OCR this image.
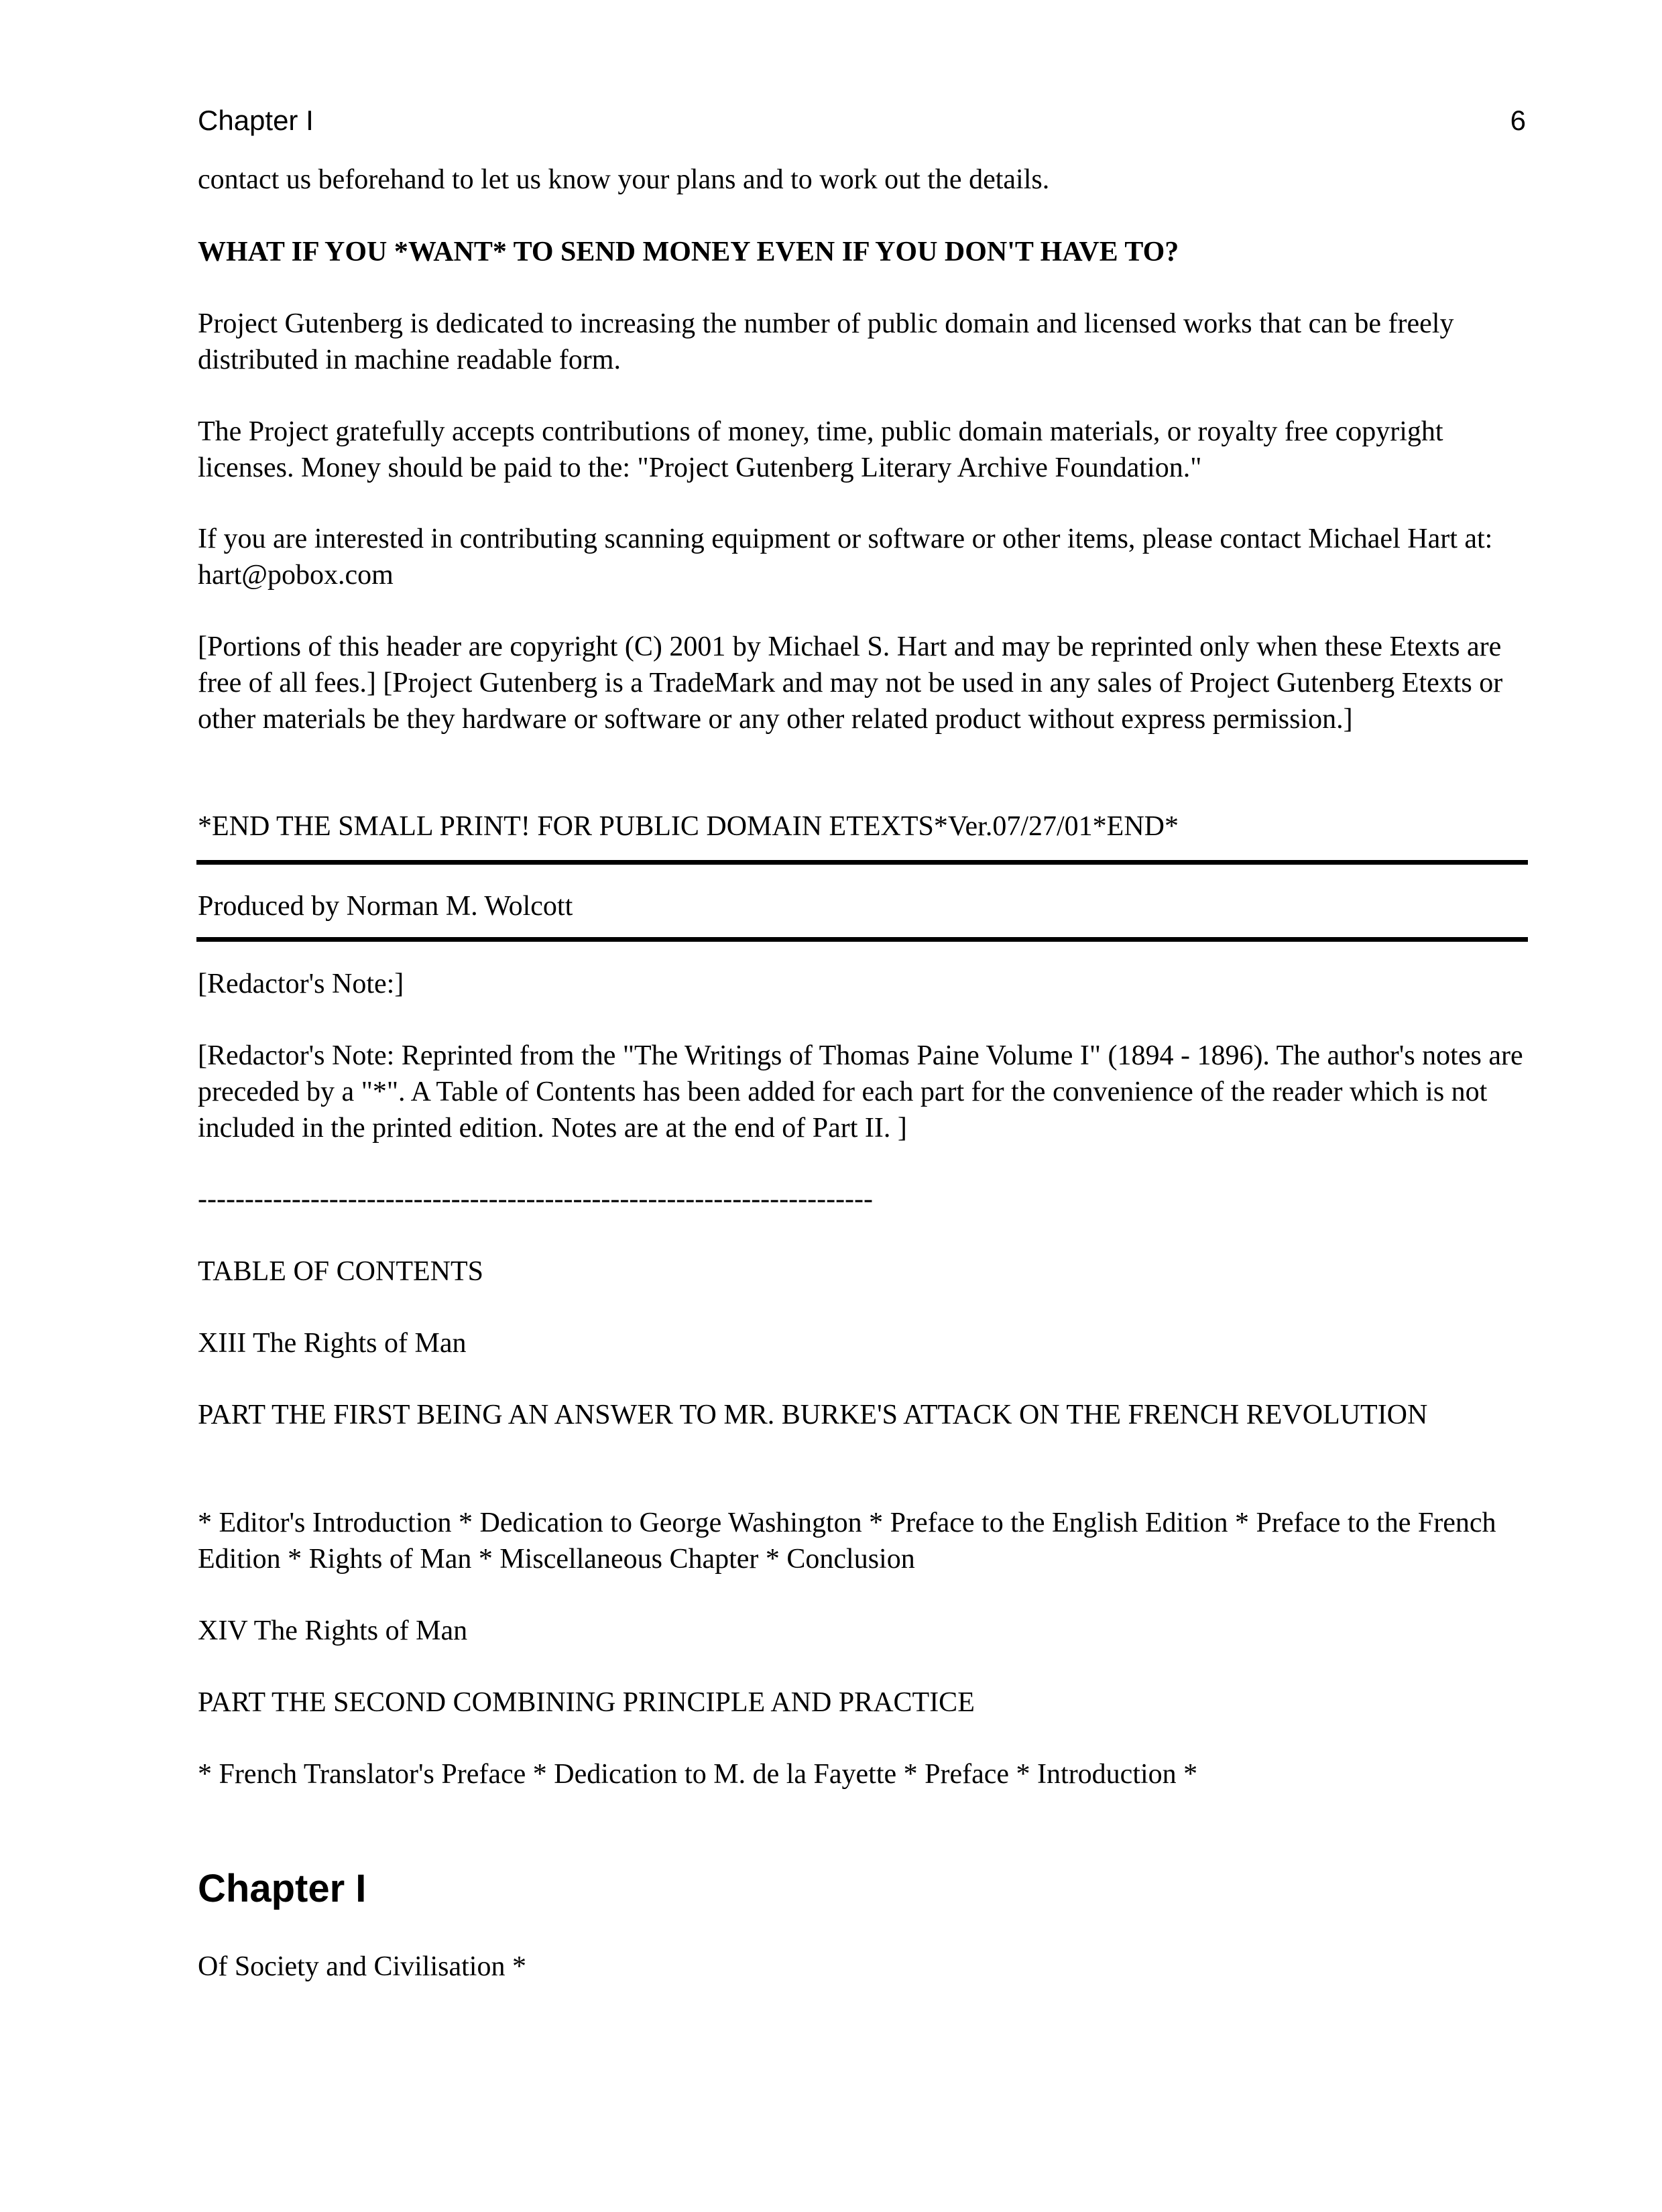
Chapter I	6

contact us beforehand to let us know your plans and to work out the details.

WHAT IF YOU *WANT* TO SEND MONEY EVEN IF YOU DON'T HAVE TO?

Project Gutenberg is dedicated to increasing the number of public domain and licensed works that can be freely distributed in machine readable form.

The Project gratefully accepts contributions of money, time, public domain materials, or royalty free copyright licenses. Money should be paid to the: "Project Gutenberg Literary Archive Foundation."

If you are interested in contributing scanning equipment or software or other items, please contact Michael Hart at: hart@pobox.com

[Portions of this header are copyright (C) 2001 by Michael S. Hart and may be reprinted only when these Etexts are free of all fees.] [Project Gutenberg is a TradeMark and may not be used in any sales of Project Gutenberg Etexts or other materials be they hardware or software or any other related product without express permission.]

*END THE SMALL PRINT! FOR PUBLIC DOMAIN ETEXTS*Ver.07/27/01*END*

Produced by Norman M. Wolcott

[Redactor's Note:]

[Redactor's Note: Reprinted from the "The Writings of Thomas Paine Volume I" (1894 - 1896). The author's notes are preceded by a "*". A Table of Contents has been added for each part for the convenience of the reader which is not included in the printed edition. Notes are at the end of Part II. ]

------------------------------------------------------------------------

TABLE OF CONTENTS

XIII The Rights of Man

PART THE FIRST BEING AN ANSWER TO MR. BURKE'S ATTACK ON THE FRENCH REVOLUTION

* Editor's Introduction * Dedication to George Washington * Preface to the English Edition * Preface to the French Edition * Rights of Man * Miscellaneous Chapter * Conclusion

XIV The Rights of Man

PART THE SECOND COMBINING PRINCIPLE AND PRACTICE

* French Translator's Preface * Dedication to M. de la Fayette * Preface * Introduction *

Chapter I

Of Society and Civilisation *
